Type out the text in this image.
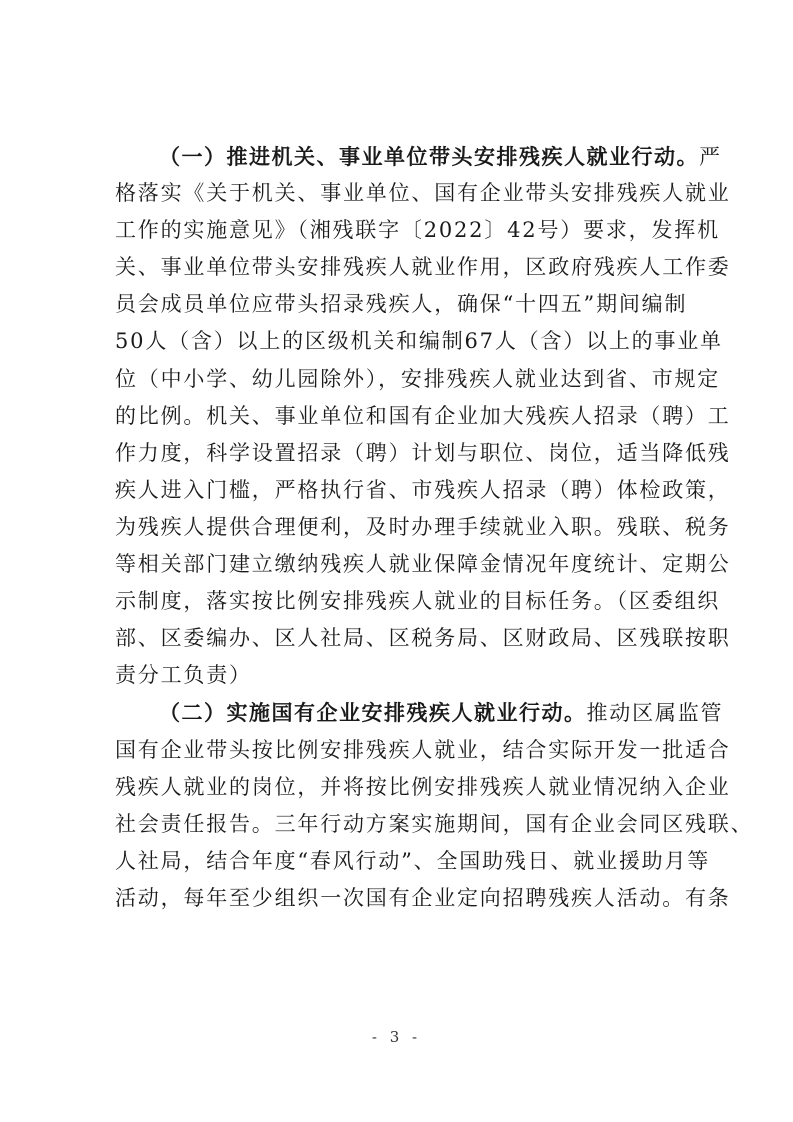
（一）推进机关、事业单位带头安排残疾人就业行动。严
格落实《关于机关、事业单位、国有企业带头安排残疾人就业
工作的实施意见》（湘残联字〔2022〕42号）要求，发挥机
关、事业单位带头安排残疾人就业作用，区政府残疾人工作委
员会成员单位应带头招录残疾人，确保“十四五”期间编制
50人（含）以上的区级机关和编制67人（含）以上的事业单
位（中小学、幼儿园除外），安排残疾人就业达到省、市规定
的比例。机关、事业单位和国有企业加大残疾人招录（聘）工
作力度，科学设置招录（聘）计划与职位、岗位，适当降低残
疾人进入门槛，严格执行省、市残疾人招录（聘）体检政策，
为残疾人提供合理便利，及时办理手续就业入职。残联、税务
等相关部门建立缴纳残疾人就业保障金情况年度统计、定期公
示制度，落实按比例安排残疾人就业的目标任务。（区委组织
部、区委编办、区人社局、区税务局、区财政局、区残联按职
责分工负责）
（二）实施国有企业安排残疾人就业行动。推动区属监管
国有企业带头按比例安排残疾人就业，结合实际开发一批适合
残疾人就业的岗位，并将按比例安排残疾人就业情况纳入企业
社会责任报告。三年行动方案实施期间，国有企业会同区残联、
人社局，结合年度“春风行动”、全国助残日、就业援助月等
活动，每年至少组织一次国有企业定向招聘残疾人活动。有条
- 3 -
